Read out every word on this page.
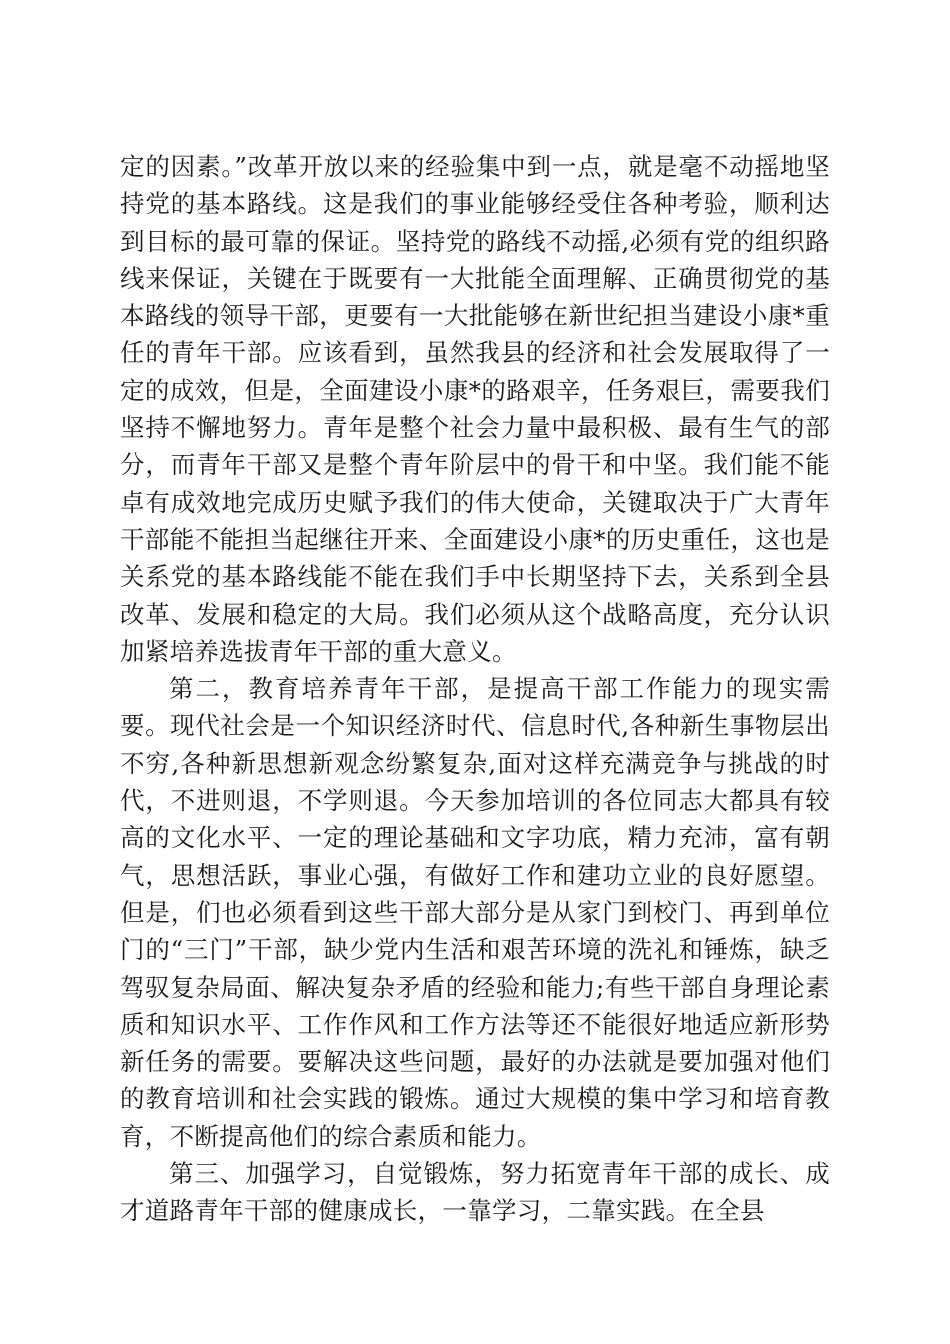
定的因素。”改革开放以来的经验集中到一点，就是毫不动摇地坚持党的基本路线。这是我们的事业能够经受住各种考验，顺利达到目标的最可靠的保证。坚持党的路线不动摇,必须有党的组织路线来保证，关键在于既要有一大批能全面理解、正确贯彻党的基本路线的领导干部，更要有一大批能够在新世纪担当建设小康*重任的青年干部。应该看到，虽然我县的经济和社会发展取得了一定的成效，但是，全面建设小康*的路艰辛，任务艰巨，需要我们坚持不懈地努力。青年是整个社会力量中最积极、最有生气的部分，而青年干部又是整个青年阶层中的骨干和中坚。我们能不能卓有成效地完成历史赋予我们的伟大使命，关键取决于广大青年干部能不能担当起继往开来、全面建设小康*的历史重任，这也是关系党的基本路线能不能在我们手中长期坚持下去，关系到全县改革、发展和稳定的大局。我们必须从这个战略高度，充分认识加紧培养选拔青年干部的重大意义。

第二，教育培养青年干部，是提高干部工作能力的现实需要。现代社会是一个知识经济时代、信息时代,各种新生事物层出不穷,各种新思想新观念纷繁复杂,面对这样充满竞争与挑战的时代，不进则退，不学则退。今天参加培训的各位同志大都具有较高的文化水平、一定的理论基础和文字功底，精力充沛，富有朝气，思想活跃，事业心强，有做好工作和建功立业的良好愿望。但是，们也必须看到这些干部大部分是从家门到校门、再到单位门的“三门”干部，缺少党内生活和艰苦环境的洗礼和锤炼，缺乏驾驭复杂局面、解决复杂矛盾的经验和能力;有些干部自身理论素质和知识水平、工作作风和工作方法等还不能很好地适应新形势新任务的需要。要解决这些问题，最好的办法就是要加强对他们的教育培训和社会实践的锻炼。通过大规模的集中学习和培育教育，不断提高他们的综合素质和能力。

第三、加强学习，自觉锻炼，努力拓宽青年干部的成长、成才道路青年干部的健康成长，一靠学习，二靠实践。在全县
